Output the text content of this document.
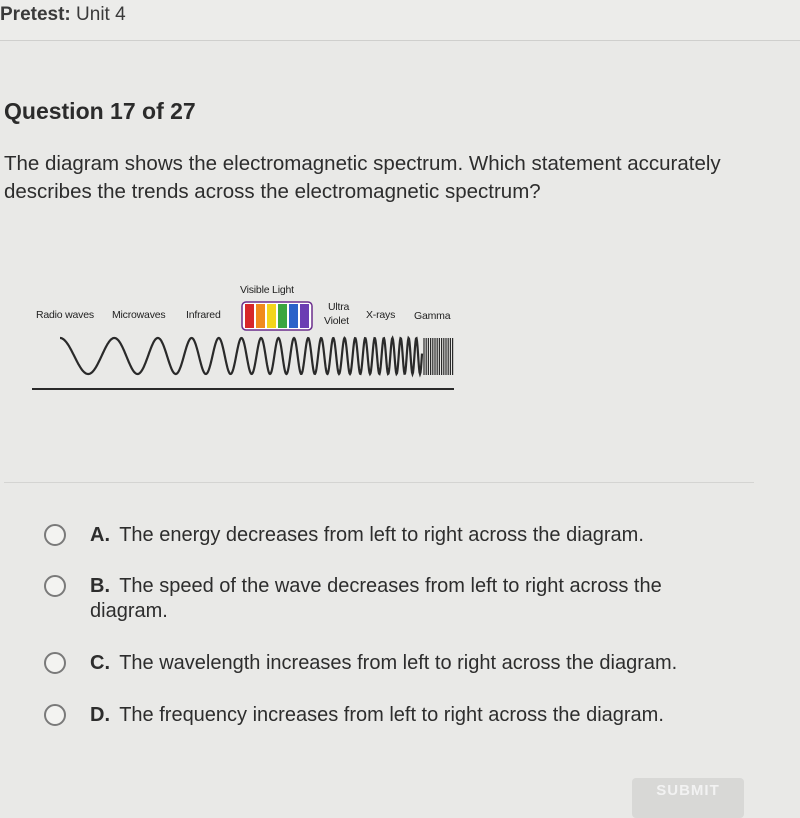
Pretest: Unit 4
Question 17 of 27
The diagram shows the electromagnetic spectrum. Which statement accurately describes the trends across the electromagnetic spectrum?
Radio waves Microwaves Infrared
Visible Light
Ultra
Violet X-rays Gamma
A. The energy decreases from left to right across the diagram.
B. The speed of the wave decreases from left to right across the diagram.
C. The wavelength increases from left to right across the diagram.
D. The frequency increases from left to right across the diagram.
SUBMIT
